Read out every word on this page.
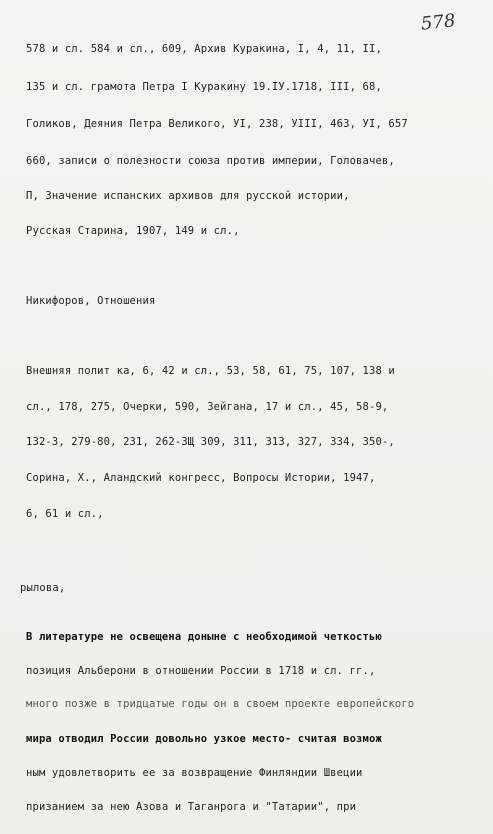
578
578 и сл. 584 и сл., 609, Архив Куракина, I, 4, 11, II,
135 и сл. грамота Петра I Куракину 19.IУ.1718, III, 68,
Голиков, Деяния Петра Великого, УI, 238, УIII, 463, УI, 657
660, записи о полезности союза против империи, Головачев,
П, Значение испанских архивов для русской истории,
Русская Старина, 1907, 149 и сл.,
Никифоров, Отношения
Внешняя полит ка, 6, 42 и сл., 53, 58, 61, 75, 107, 138 и
сл., 178, 275, Очерки, 590, Зейгана, 17 и сл., 45, 58-9,
132-3, 279-80, 231, 262-3Щ 309, 311, 313, 327, 334, 350-,
Сорина, Х., Аландский конгресс, Вопросы Истории, 1947,
6, 61 и сл.,
рылова,
В литературе не освещена доныне с необходимой четкостью
позиция Альберони в отношении России в 1718 и сл. гг.,
много позже в тридцатые годы он в своем проекте европейского
мира отводил России довольно узкое место- считая возмож
ным удовлетворить ее за возвращение Финляндии Швеции
призанием за нею Азова и Таганрога и "Татарии", при
